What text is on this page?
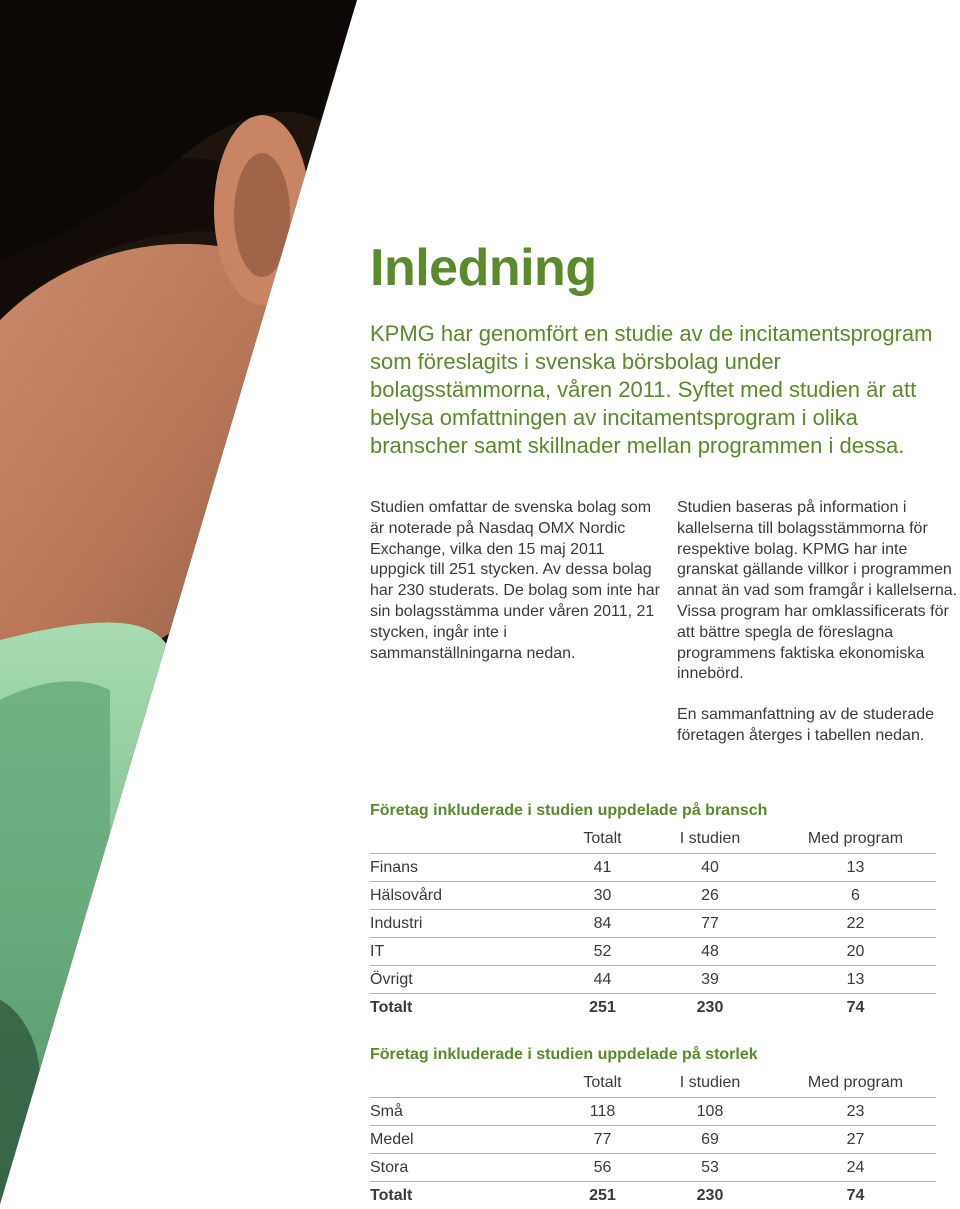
Inledning

KPMG har genomfört en studie av de incitamentsprogram som föreslagits i svenska börsbolag under bolagsstämmorna, våren 2011. Syftet med studien är att belysa omfattningen av incitamentsprogram i olika branscher samt skillnader mellan programmen i dessa.

Studien omfattar de svenska bolag som är noterade på Nasdaq OMX Nordic Exchange, vilka den 15 maj 2011 uppgick till 251 stycken. Av dessa bolag har 230 studerats. De bolag som inte har sin bolagsstämma under våren 2011, 21 stycken, ingår inte i sammanställningarna nedan.

Studien baseras på information i kallelserna till bolagsstämmorna för respektive bolag. KPMG har inte granskat gällande villkor i programmen annat än vad som framgår i kallelserna. Vissa program har omklassificerats för att bättre spegla de föreslagna programmens faktiska ekonomiska innebörd.

En sammanfattning av de studerade företagen återges i tabellen nedan.

Företag inkluderade i studien uppdelade på bransch
	Totalt	I studien	Med program
Finans	41	40	13
Hälsovård	30	26	6
Industri	84	77	22
IT	52	48	20
Övrigt	44	39	13
Totalt	251	230	74
Företag inkluderade i studien uppdelade på storlek
	Totalt	I studien	Med program
Små	118	108	23
Medel	77	69	27
Stora	56	53	24
Totalt	251	230	74
